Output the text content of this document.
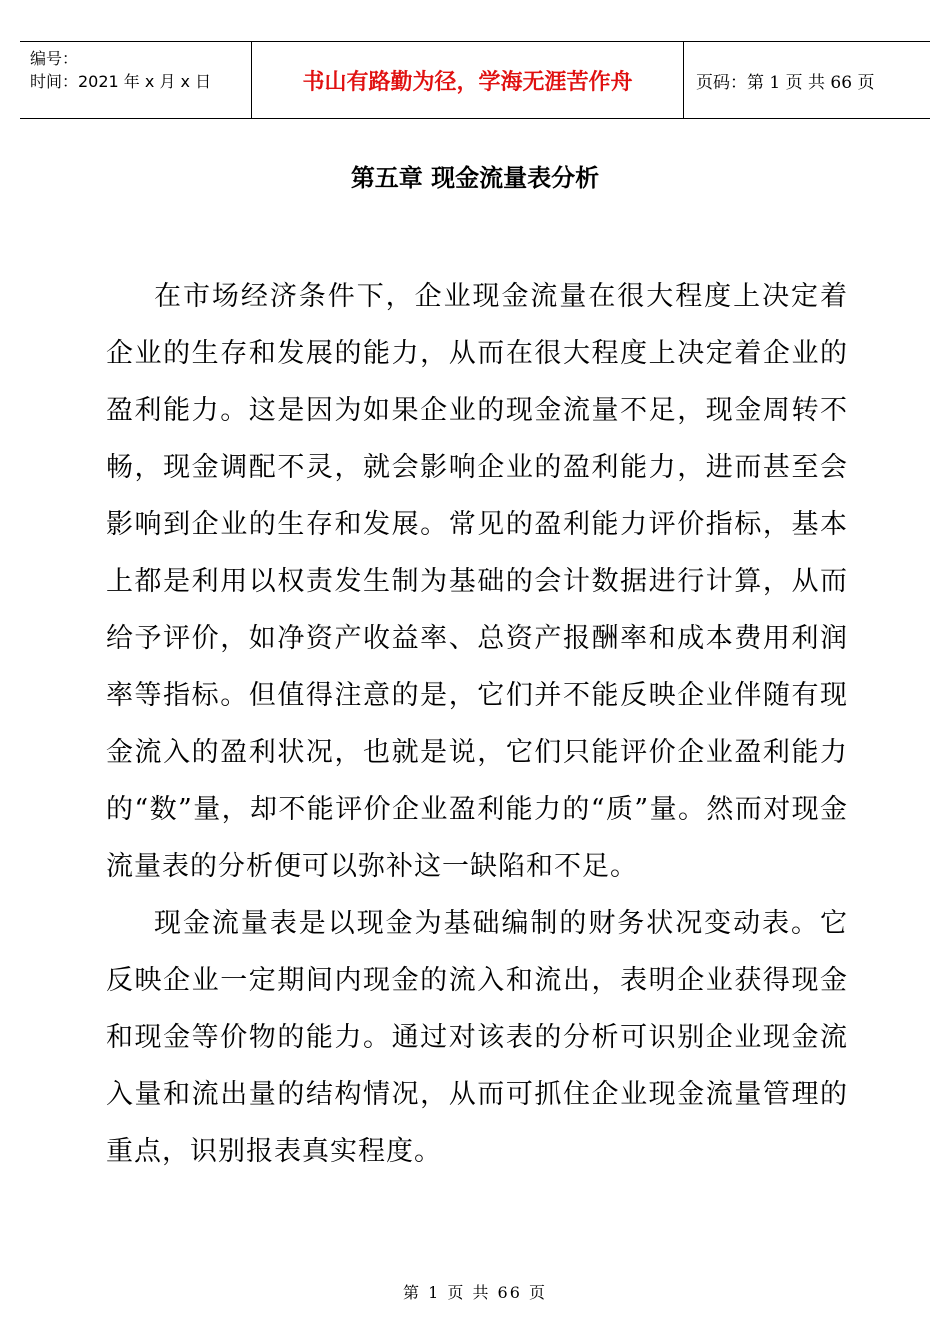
编号：
时间：2021 年 x 月 x 日	书山有路勤为径，学海无涯苦作舟	页码：第 1 页 共 66 页
第五章 现金流量表分析

在市场经济条件下，企业现金流量在很大程度上决定着企业的生存和发展的能力，从而在很大程度上决定着企业的盈利能力。这是因为如果企业的现金流量不足，现金周转不畅，现金调配不灵，就会影响企业的盈利能力，进而甚至会影响到企业的生存和发展。常见的盈利能力评价指标，基本上都是利用以权责发生制为基础的会计数据进行计算，从而给予评价，如净资产收益率、总资产报酬率和成本费用利润率等指标。但值得注意的是，它们并不能反映企业伴随有现金流入的盈利状况，也就是说，它们只能评价企业盈利能力的“数”量，却不能评价企业盈利能力的“质”量。然而对现金流量表的分析便可以弥补这一缺陷和不足。

现金流量表是以现金为基础编制的财务状况变动表。它反映企业一定期间内现金的流入和流出，表明企业获得现金和现金等价物的能力。通过对该表的分析可识别企业现金流入量和流出量的结构情况，从而可抓住企业现金流量管理的重点，识别报表真实程度。

第 1 页 共 66 页
